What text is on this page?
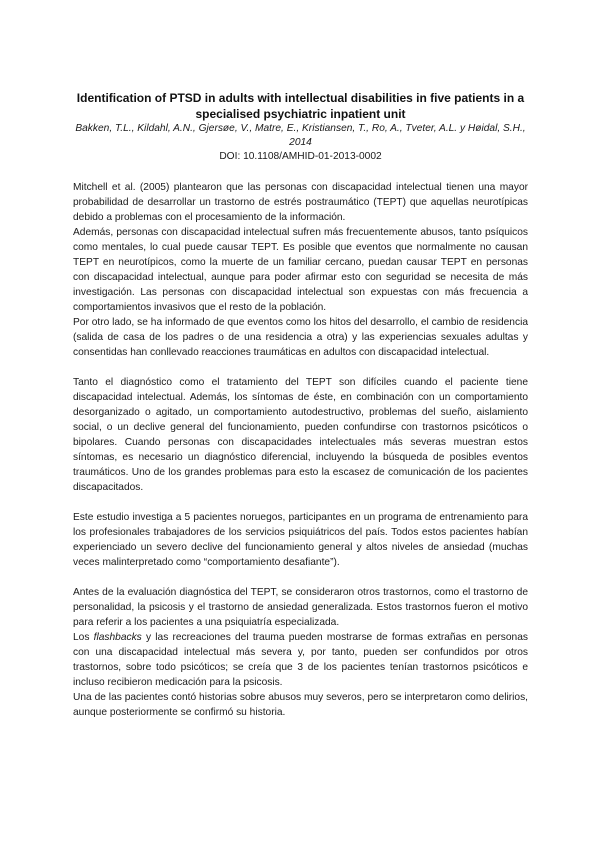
Identification of PTSD in adults with intellectual disabilities in five patients in a specialised psychiatric inpatient unit

Bakken, T.L., Kildahl, A.N., Gjersøe, V., Matre, E., Kristiansen, T., Ro, A., Tveter, A.L. y Høidal, S.H., 2014

DOI: 10.1108/AMHID-01-2013-0002

Mitchell et al. (2005) plantearon que las personas con discapacidad intelectual tienen una mayor probabilidad de desarrollar un trastorno de estrés postraumático (TEPT) que aquellas neurotípicas debido a problemas con el procesamiento de la información.

Además, personas con discapacidad intelectual sufren más frecuentemente abusos, tanto psíquicos como mentales, lo cual puede causar TEPT. Es posible que eventos que normalmente no causan TEPT en neurotípicos, como la muerte de un familiar cercano, puedan causar TEPT en personas con discapacidad intelectual, aunque para poder afirmar esto con seguridad se necesita de más investigación. Las personas con discapacidad intelectual son expuestas con más frecuencia a comportamientos invasivos que el resto de la población.

Por otro lado, se ha informado de que eventos como los hitos del desarrollo, el cambio de residencia (salida de casa de los padres o de una residencia a otra) y las experiencias sexuales adultas y consentidas han conllevado reacciones traumáticas en adultos con discapacidad intelectual.

Tanto el diagnóstico como el tratamiento del TEPT son difíciles cuando el paciente tiene discapacidad intelectual. Además, los síntomas de éste, en combinación con un comportamiento desorganizado o agitado, un comportamiento autodestructivo, problemas del sueño, aislamiento social, o un declive general del funcionamiento, pueden confundirse con trastornos psicóticos o bipolares. Cuando personas con discapacidades intelectuales más severas muestran estos síntomas, es necesario un diagnóstico diferencial, incluyendo la búsqueda de posibles eventos traumáticos. Uno de los grandes problemas para esto la escasez de comunicación de los pacientes discapacitados.

Este estudio investiga a 5 pacientes noruegos, participantes en un programa de entrenamiento para los profesionales trabajadores de los servicios psiquiátricos del país. Todos estos pacientes habían experienciado un severo declive del funcionamiento general y altos niveles de ansiedad (muchas veces malinterpretado como “comportamiento desafiante”).

Antes de la evaluación diagnóstica del TEPT, se consideraron otros trastornos, como el trastorno de personalidad, la psicosis y el trastorno de ansiedad generalizada. Estos trastornos fueron el motivo para referir a los pacientes a una psiquiatría especializada.

Los flashbacks y las recreaciones del trauma pueden mostrarse de formas extrañas en personas con una discapacidad intelectual más severa y, por tanto, pueden ser confundidos por otros trastornos, sobre todo psicóticos; se creía que 3 de los pacientes tenían trastornos psicóticos e incluso recibieron medicación para la psicosis.

Una de las pacientes contó historias sobre abusos muy severos, pero se interpretaron como delirios, aunque posteriormente se confirmó su historia.
